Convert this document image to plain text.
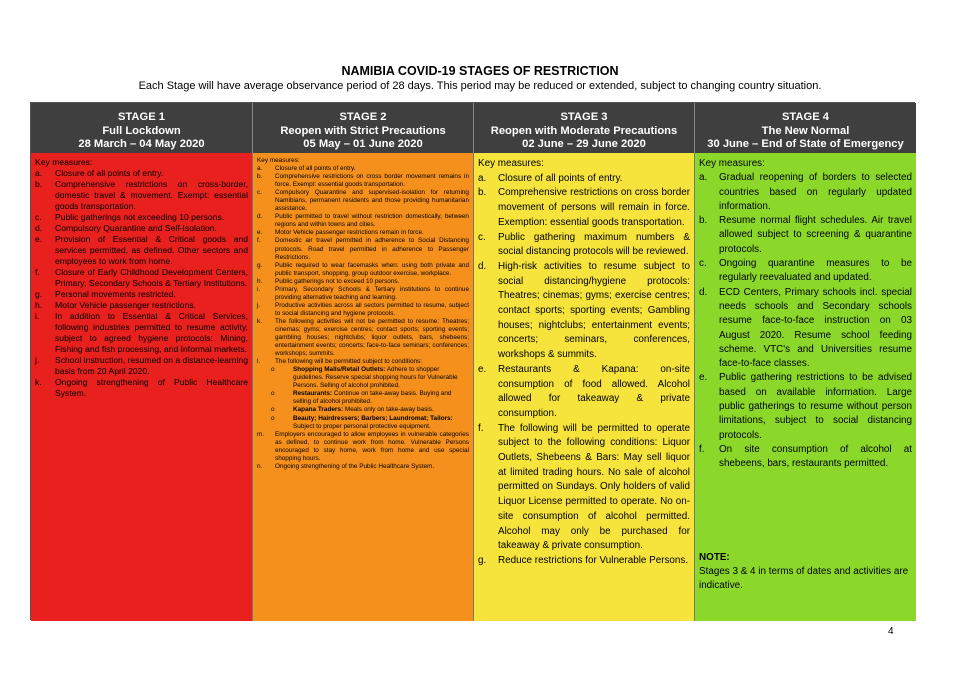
NAMIBIA COVID-19 STAGES OF RESTRICTION
Each Stage will have average observance period of 28 days. This period may be reduced or extended, subject to changing country situation.
STAGE 1
Full Lockdown
28 March – 04 May 2020
STAGE 2
Reopen with Strict Precautions
05 May – 01 June 2020
STAGE 3
Reopen with Moderate Precautions
02 June – 29 June 2020
STAGE 4
The New Normal
30 June – End of State of Emergency

Key measures:

a.	Closure of all points of entry.
b.	Comprehensive restrictions on cross-border, domestic travel & movement. Exempt: essential goods transportation.
c.	Public gatherings not exceeding 10 persons.
d.	Compulsory Quarantine and Self-Isolation.
e.	Provision of Essential & Critical goods and services permitted, as defined. Other sectors and employees to work from home.
f.	Closure of Early Childhood Development Centers, Primary, Secondary Schools & Tertiary Institutions.
g.	Personal movements restricted.
h.	Motor Vehicle passenger restrictions.
i.	In addition to Essential & Critical Services, following industries permitted to resume activity, subject to agreed hygiene protocols: Mining, Fishing and fish processing, and Informal markets.
j.	School instruction, resumed on a distance-learning basis from 20 April 2020.
k.	Ongoing strengthening of Public Healthcare System.

Key measures:

a.	Closure of all points of entry.
b.	Comprehensive restrictions on cross border movement remains in force. Exempt: essential goods transportation.
c.	Compulsory Quarantine and supervised-isolation for returning Namibians, permanent residents and those providing humanitarian assistance.
d.	Public permitted to travel without restriction domestically, between regions and within towns and cities.
e.	Motor Vehicle passenger restrictions remain in force.
f.	Domestic air travel permitted in adherence to Social Distancing protocols. Road travel permitted in adherence to Passenger Restrictions.
g.	Public required to wear facemasks when: using both private and public transport, shopping, group outdoor exercise, workplace.
h.	Public gatherings not to exceed 10 persons.
i.	Primary, Secondary Schools & Tertiary institutions to continue providing alternative teaching and learning.
j.	Productive activities across all sectors permitted to resume, subject to social distancing and hygiene protocols.
k.	The following activities will not be permitted to resume: Theatres; cinemas; gyms; exercise centres; contact sports; sporting events; gambling houses; nightclubs; liquor outlets, bars, shebeens; entertainment events; concerts; face-to-face seminars; conferences; workshops; summits.
l.	The following will be permitted subject to conditions:
o	Shopping Malls/Retail Outlets: Adhere to shopper guidelines. Reserve special shopping hours for Vulnerable Persons. Selling of alcohol prohibited.
o	Restaurants: Continue on take-away basis. Buying and selling of alcohol prohibited.
o	Kapana Traders: Meals only on take-away basis.
o	Beauty; Hairdressers; Barbers; Laundromat; Tailors: Subject to proper personal protective equipment.
m.	Employers encouraged to allow employees in vulnerable categories as defined, to continue work from home. Vulnerable Persons encouraged to stay home, work from home and use special shopping hours.
n.	Ongoing strengthening of the Public Healthcare System.

Key measures:

a.	Closure of all points of entry.
b.	Comprehensive restrictions on cross border movement of persons will remain in force. Exemption: essential goods transportation.
c.	Public gathering maximum numbers & social distancing protocols will be reviewed.
d.	High-risk activities to resume subject to social distancing/hygiene protocols: Theatres; cinemas; gyms; exercise centres; contact sports; sporting events; Gambling houses; nightclubs; entertainment events; concerts; seminars, conferences, workshops & summits.
e.	Restaurants & Kapana: on-site consumption of food allowed. Alcohol allowed for takeaway & private consumption.
f.	The following will be permitted to operate subject to the following conditions: Liquor Outlets, Shebeens & Bars: May sell liquor at limited trading hours. No sale of alcohol permitted on Sundays. Only holders of valid Liquor License permitted to operate. No on-site consumption of alcohol permitted. Alcohol may only be purchased for takeaway & private consumption.
g.	Reduce restrictions for Vulnerable Persons.

Key measures:

a.	Gradual reopening of borders to selected countries based on regularly updated information.
b.	Resume normal flight schedules. Air travel allowed subject to screening & quarantine protocols.
c.	Ongoing quarantine measures to be regularly reevaluated and updated.
d.	ECD Centers, Primary schools incl. special needs schools and Secondary schools resume face-to-face instruction on 03 August 2020. Resume school feeding scheme. VTC's and Universities resume face-to-face classes.
e.	Public gathering restrictions to be advised based on available information. Large public gatherings to resume without person limitations, subject to social distancing protocols.
f.	On site consumption of alcohol at shebeens, bars, restaurants permitted.
NOTE:
Stages 3 & 4 in terms of dates and activities are indicative.
4
